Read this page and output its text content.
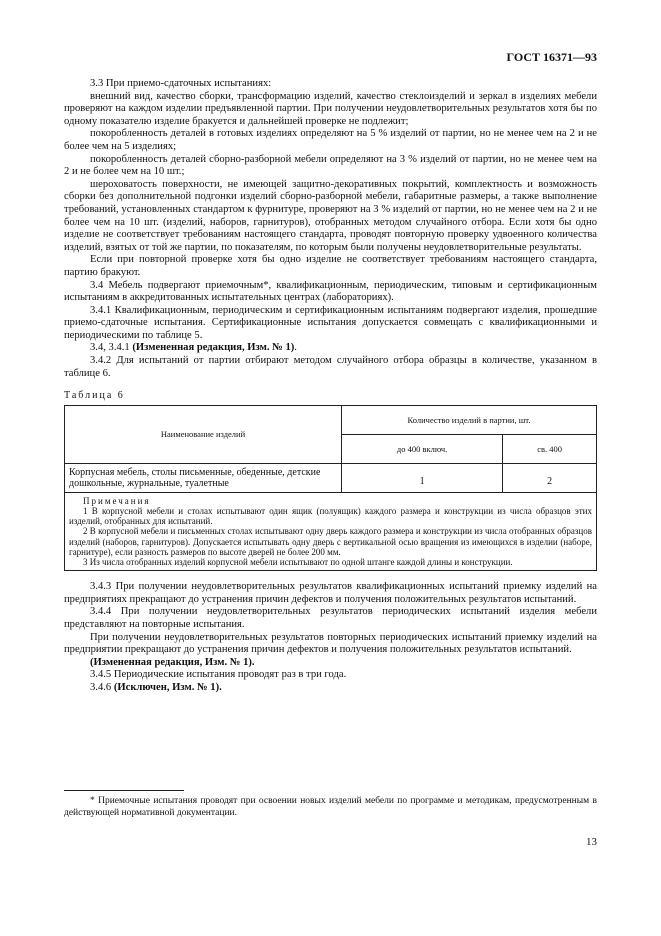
ГОСТ 16371—93

3.3 При приемо-сдаточных испытаниях:

внешний вид, качество сборки, трансформацию изделий, качество стеклоизделий и зеркал в изделиях мебели проверяют на каждом изделии предъявленной партии. При получении неудовлетворительных результатов хотя бы по одному показателю изделие бракуется и дальнейшей проверке не подлежит;

покоробленность деталей в готовых изделиях определяют на 5 % изделий от партии, но не менее чем на 2 и не более чем на 5 изделиях;

покоробленность деталей сборно-разборной мебели определяют на 3 % изделий от партии, но не менее чем на 2 и не более чем на 10 шт.;

шероховатость поверхности, не имеющей защитно-декоративных покрытий, комплектность и возможность сборки без дополнительной подгонки изделий сборно-разборной мебели, габаритные размеры, а также выполнение требований, установленных стандартом к фурнитуре, проверяют на 3 % изделий от партии, но не менее чем на 2 и не более чем на 10 шт. (изделий, наборов, гарнитуров), отобранных методом случайного отбора. Если хотя бы одно изделие не соответствует требованиям настоящего стандарта, проводят повторную проверку удвоенного количества изделий, взятых от той же партии, по показателям, по которым были получены неудовлетворительные результаты.

Если при повторной проверке хотя бы одно изделие не соответствует требованиям настоящего стандарта, партию бракуют.

3.4 Мебель подвергают приемочным*, квалификационным, периодическим, типовым и сертификационным испытаниям в аккредитованных испытательных центрах (лабораториях).

3.4.1 Квалификационным, периодическим и сертификационным испытаниям подвергают изделия, прошедшие приемо-сдаточные испытания. Сертификационные испытания допускается совмещать с квалификационными и периодическими по таблице 5.

3.4, 3.4.1 (Измененная редакция, Изм. № 1).

3.4.2 Для испытаний от партии отбирают методом случайного отбора образцы в количестве, указанном в таблице 6.

Таблица 6
Наименование изделий	Количество изделий в партии, шт.	
	до 400 включ.	св. 400
Корпусная мебель, столы письменные, обеденные, детские дошкольные, журнальные, туалетные	1	2

Примечания

1 В корпусной мебели и столах испытывают один ящик (полуящик) каждого размера и конструкции из числа образцов этих изделий, отобранных для испытаний.

2 В корпусной мебели и письменных столах испытывают одну дверь каждого размера и конструкции из числа отобранных образцов изделий (наборов, гарнитуров). Допускается испытывать одну дверь с вертикальной осью вращения из имеющихся в изделии (наборе, гарнитуре), если разность размеров по высоте дверей не более 200 мм.

3 Из числа отобранных изделий корпусной мебели испытывают по одной штанге каждой длины и конструкции.		

3.4.3 При получении неудовлетворительных результатов квалификационных испытаний приемку изделий на предприятиях прекращают до устранения причин дефектов и получения положительных результатов испытаний.

3.4.4 При получении неудовлетворительных результатов периодических испытаний изделия мебели представляют на повторные испытания.

При получении неудовлетворительных результатов повторных периодических испытаний приемку изделий на предприятии прекращают до устранения причин дефектов и получения положительных результатов испытаний.

(Измененная редакция, Изм. № 1).

3.4.5 Периодические испытания проводят раз в три года.

3.4.6 (Исключен, Изм. № 1).

* Приемочные испытания проводят при освоении новых изделий мебели по программе и методикам, предусмотренным в действующей нормативной документации.
13
